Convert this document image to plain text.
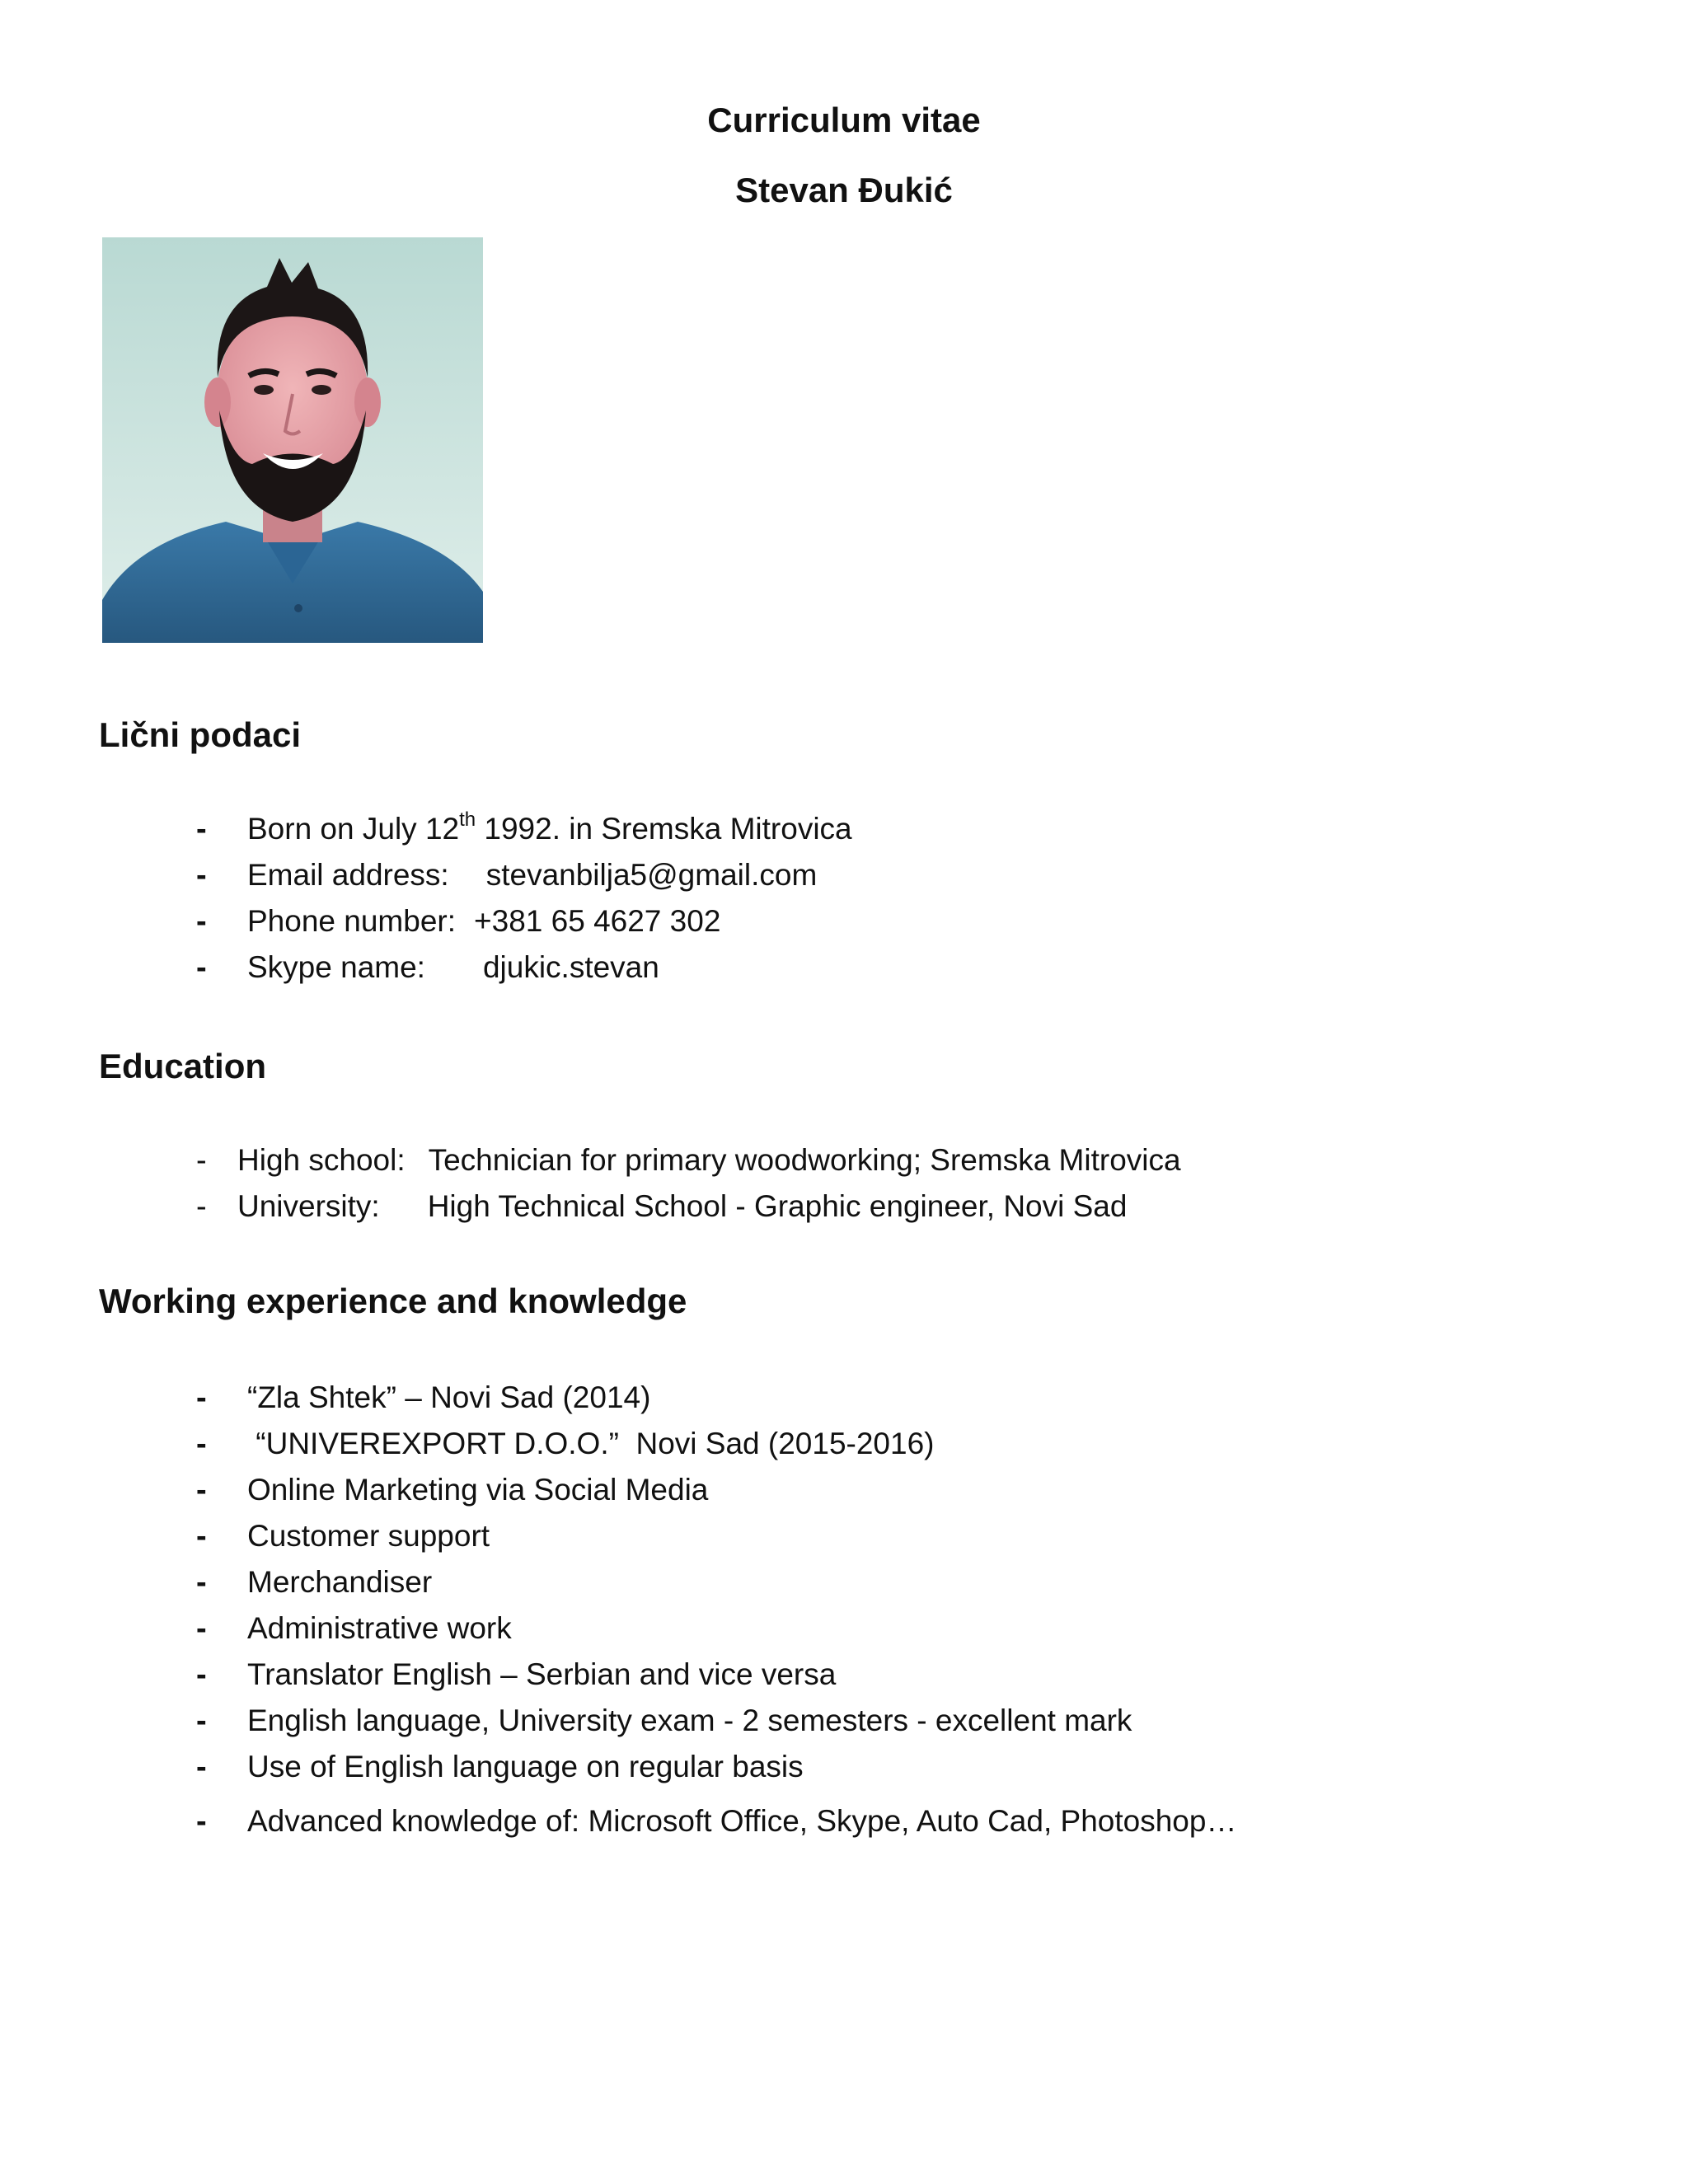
Curriculum vitae
Stevan Đukić
Lični podaci
- Born on July 12th 1992. in Sremska Mitrovica
- Email address: stevanbilja5@gmail.com
- Phone number: +381 65 4627 302
- Skype name: djukic.stevan
Education
- High school: Technician for primary woodworking; Sremska Mitrovica
- University: High Technical School - Graphic engineer, Novi Sad
Working experience and knowledge
- “Zla Shtek” – Novi Sad (2014)
- “UNIVEREXPORT D.O.O.”  Novi Sad (2015-2016)
- Online Marketing via Social Media
- Customer support
- Merchandiser
- Administrative work
- Translator English – Serbian and vice versa
- English language, University exam - 2 semesters - excellent mark
- Use of English language on regular basis
- Advanced knowledge of: Microsoft Office, Skype, Auto Cad, Photoshop…
